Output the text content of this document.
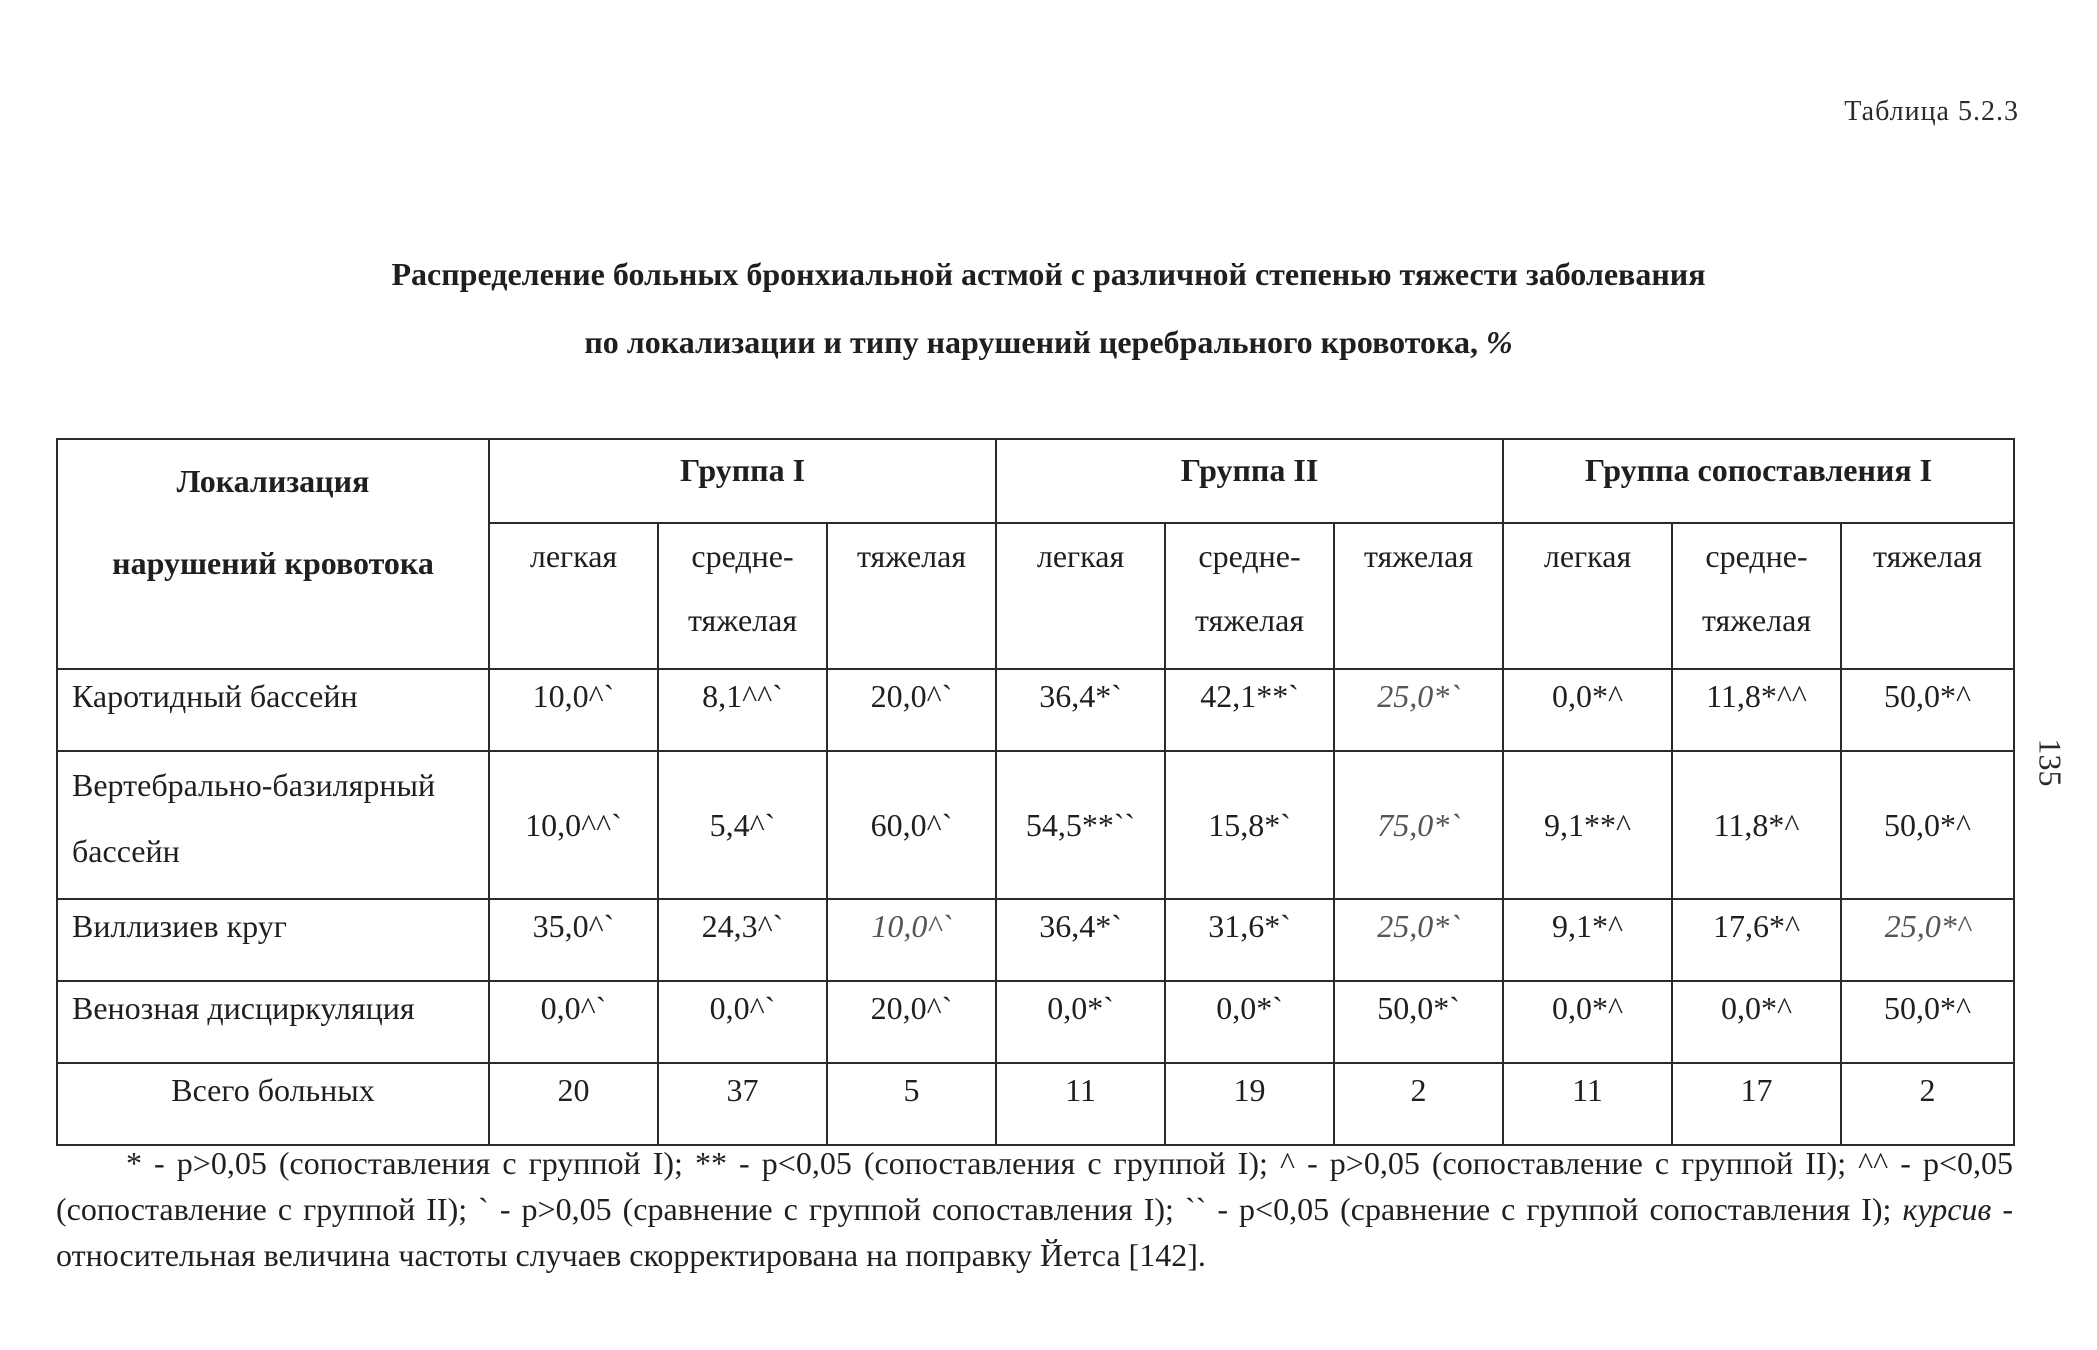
Таблица 5.2.3
Распределение больных бронхиальной астмой с различной степенью тяжести заболевания
по локализации и типу нарушений церебрального кровотока, %
Локализация
нарушений кровотока	Группа I			Группа II			Группа сопоставления I		
	легкая	средне-тяжелая	тяжелая	легкая	средне-тяжелая	тяжелая	легкая	средне-тяжелая	тяжелая
Каротидный бассейн	10,0^`	8,1^^`	20,0^`	36,4*`	42,1**`	25,0*`	0,0*^	11,8*^^	50,0*^
Вертебрально-базилярный бассейн	10,0^^`	5,4^`	60,0^`	54,5**``	15,8*`	75,0*`	9,1**^	11,8*^	50,0*^
Виллизиев круг	35,0^`	24,3^`	10,0^`	36,4*`	31,6*`	25,0*`	9,1*^	17,6*^	25,0*^
Венозная дисциркуляция	0,0^`	0,0^`	20,0^`	0,0*`	0,0*`	50,0*`	0,0*^	0,0*^	50,0*^
Всего больных	20	37	5	11	19	2	11	17	2
135
* - p>0,05 (сопоставления с группой I); ** - p<0,05 (сопоставления с группой I); ^ - p>0,05 (сопоставление с группой II); ^^ - p<0,05 (сопоставление с группой II); ` - p>0,05 (сравнение с группой сопоставления I); `` - p<0,05 (сравнение с группой сопоставления I); курсив - относительная величина частоты случаев скорректирована на поправку Йетса [142].
